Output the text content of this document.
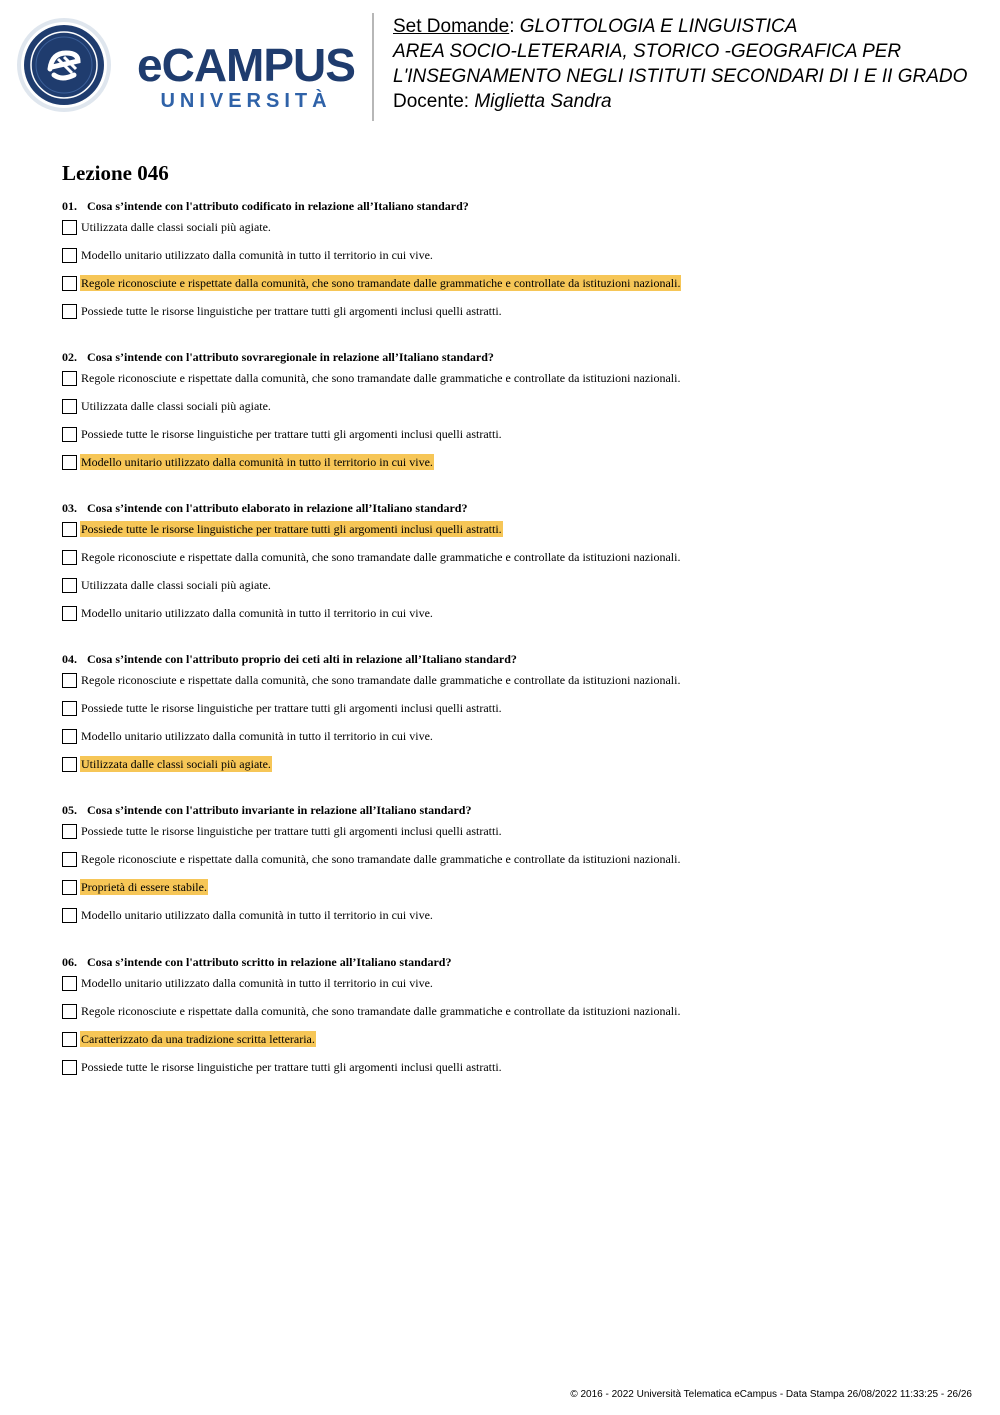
eCAMPUS
UNIVERSITÀ
Set Domande: GLOTTOLOGIA E LINGUISTICA
AREA SOCIO-LETERARIA, STORICO -GEOGRAFICA PER
L'INSEGNAMENTO NEGLI ISTITUTI SECONDARI DI I E II GRADO
Docente: Miglietta Sandra
Lezione 046
01. Cosa s’intende con l'attributo codificato in relazione all’Italiano standard?
Utilizzata dalle classi sociali più agiate.
Modello unitario utilizzato dalla comunità in tutto il territorio in cui vive.
Regole riconosciute e rispettate dalla comunità, che sono tramandate dalle grammatiche e controllate da istituzioni nazionali.
Possiede tutte le risorse linguistiche per trattare tutti gli argomenti inclusi quelli astratti.
02. Cosa s’intende con l'attributo sovraregionale in relazione all’Italiano standard?
Regole riconosciute e rispettate dalla comunità, che sono tramandate dalle grammatiche e controllate da istituzioni nazionali.
Utilizzata dalle classi sociali più agiate.
Possiede tutte le risorse linguistiche per trattare tutti gli argomenti inclusi quelli astratti.
Modello unitario utilizzato dalla comunità in tutto il territorio in cui vive.
03. Cosa s’intende con l'attributo elaborato in relazione all’Italiano standard?
Possiede tutte le risorse linguistiche per trattare tutti gli argomenti inclusi quelli astratti.
Regole riconosciute e rispettate dalla comunità, che sono tramandate dalle grammatiche e controllate da istituzioni nazionali.
Utilizzata dalle classi sociali più agiate.
Modello unitario utilizzato dalla comunità in tutto il territorio in cui vive.
04. Cosa s’intende con l'attributo proprio dei ceti alti in relazione all’Italiano standard?
Regole riconosciute e rispettate dalla comunità, che sono tramandate dalle grammatiche e controllate da istituzioni nazionali.
Possiede tutte le risorse linguistiche per trattare tutti gli argomenti inclusi quelli astratti.
Modello unitario utilizzato dalla comunità in tutto il territorio in cui vive.
Utilizzata dalle classi sociali più agiate.
05. Cosa s’intende con l'attributo invariante in relazione all’Italiano standard?
Possiede tutte le risorse linguistiche per trattare tutti gli argomenti inclusi quelli astratti.
Regole riconosciute e rispettate dalla comunità, che sono tramandate dalle grammatiche e controllate da istituzioni nazionali.
Proprietà di essere stabile.
Modello unitario utilizzato dalla comunità in tutto il territorio in cui vive.
06. Cosa s’intende con l'attributo scritto in relazione all’Italiano standard?
Modello unitario utilizzato dalla comunità in tutto il territorio in cui vive.
Regole riconosciute e rispettate dalla comunità, che sono tramandate dalle grammatiche e controllate da istituzioni nazionali.
Caratterizzato da una tradizione scritta letteraria.
Possiede tutte le risorse linguistiche per trattare tutti gli argomenti inclusi quelli astratti.
© 2016 - 2022 Università Telematica eCampus - Data Stampa 26/08/2022 11:33:25 - 26/26
